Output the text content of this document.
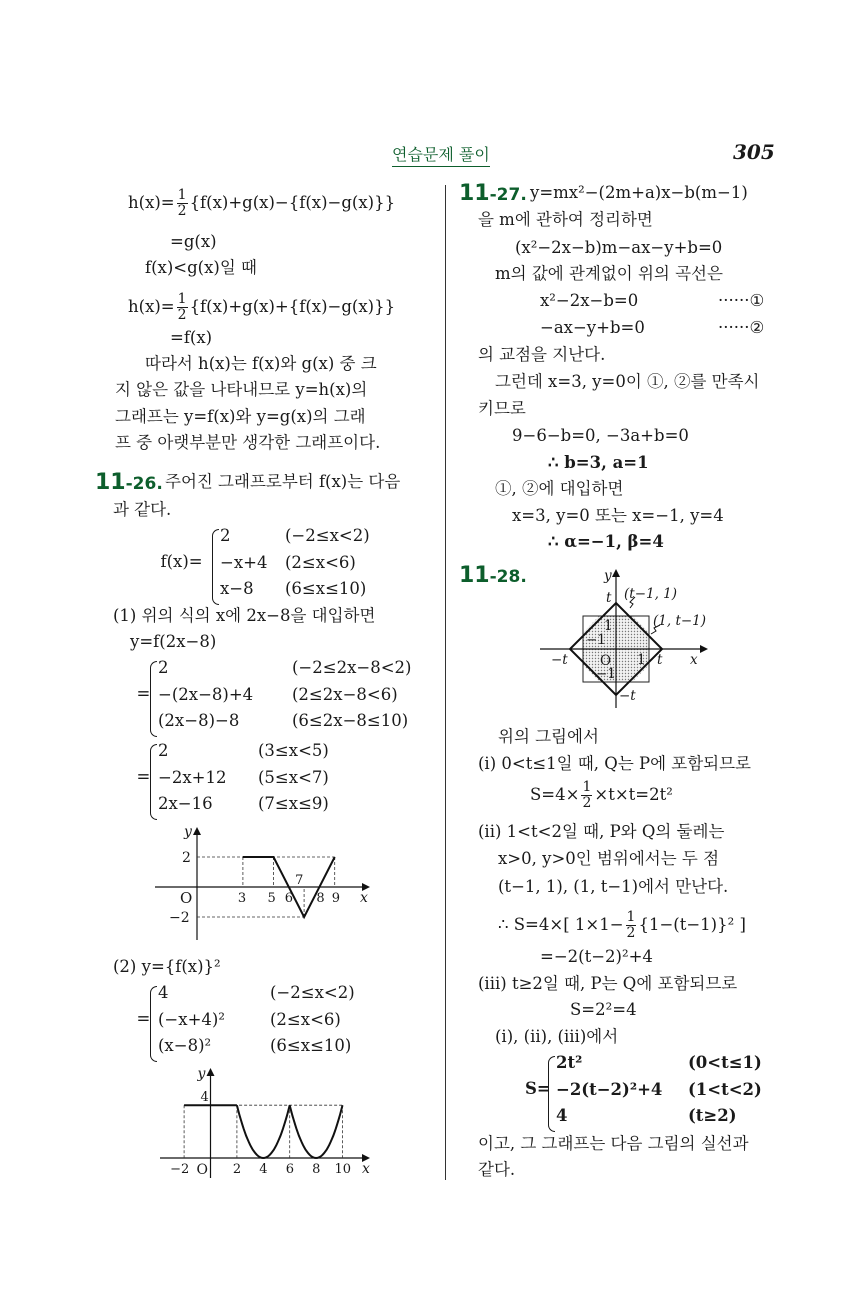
연습문제 풀이	305
11-26. 주어진 그래프로부터 f(x)는 다음
11-27.
11-28.
$h(x)= \frac{1}{2} \{f(x)+g(x)-\{f(x)-g(x)\}\}$
=g(x)
f(x)<g(x)일 때
$h(x)= \frac{1}{2} \{f(x)+g(x)+\{f(x)-g(x)\}\}$
=f(x)
따라서 h(x)는 f(x)와 g(x) 중 크
지 않은 값을 나타내므로 y=h(x)의
그래프는 y=f(x)와 y=g(x)의 그래
프 중 아랫부분만 생각한 그래프이다.
과 같다.
(1) 위의 식의 x에 2x−8을 대입하면
y=f(2x−8)
(2) y={f(x)}²
y=mx²−(2m+a)x−b(m−1)
을 m에 관하여 정리하면
(x²−2x−b)m−ax−y+b=0
m의 값에 관계없이 위의 곡선은
x²−2x−b=0	······①
−ax−y+b=0	······②
의 교점을 지난다.
그런데 x=3, y=0이 ①, ②를 만족시
키므로
9−6−b=0, −3a+b=0
∴ b=3, a=1
①, ②에 대입하면
x=3, y=0 또는 x=−1, y=4
∴ α=−1, β=4
위의 그림에서
(i) 0<t≤1일 때, Q는 P에 포함되므로
$S=4\times \frac{1}{2} \times t\times t=2t^2$
(ii) 1<t<2일 때, P와 Q의 둘레는
x>0, y>0인 범위에서는 두 점
(t−1, 1), (1, t−1)에서 만난다.
∴ S=4×[ $1\times 1- \frac{1}{2} \{1-(t-1)\}^2$ ]
=−2(t−2)²+4
(iii) t≥2일 때, P는 Q에 포함되므로
S=2²=4
(i), (ii), (iii)에서
이고, 그 그래프는 다음 그림의 실선과
같다.
f(x)=
2	(−2≤x<2)
−x+4 (2≤x<6)
x−8 (6≤x≤10)
=
2	(−2≤2x−8<2)
−(2x−8)+4 (2≤2x−8<6)
(2x−8)−8	(6≤2x−8≤10)
=
2	(3≤x<5)
−2x+12 (5≤x<7)
2x−16	(7≤x≤9)
=
4	(−2≤x<2)
(−x+4)²	(2≤x<6)
(x−8)²	(6≤x≤10)
S=
2t²	(0<t≤1)
−2(t−2)²+4 (1<t<2)
4	(t≥2)
3 5 6
7
8 9
2
−2
O	x
y
−2	2 4 6 8 10
4
O	x
y
y
x
t
t
−t
−t
1
−1
1
−1
O
(t−1, 1)
(1, t−1)
